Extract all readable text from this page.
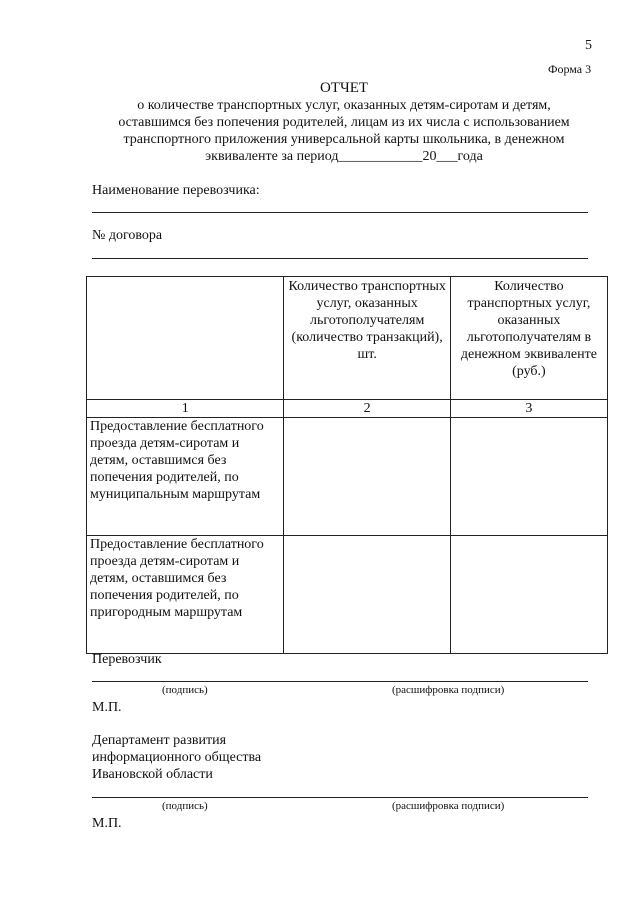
5
Форма 3
ОТЧЕТ
о количестве транспортных услуг, оказанных детям-сиротам и детям,
оставшимся без попечения родителей, лицам из их числа с использованием
транспортного приложения универсальной карты школьника, в денежном
эквиваленте за период____________20___года
Наименование перевозчика:
№ договора
	Количество транспортных услуг, оказанных льготополучателям (количество транзакций), шт.	Количество транспортных услуг, оказанных льготополучателям в денежном эквиваленте (руб.)
1	2	3
Предоставление бесплатного проезда детям-сиротам и детям, оставшимся без попечения родителей, по муниципальным маршрутам		
Предоставление бесплатного проезда детям-сиротам и детям, оставшимся без попечения родителей, по пригородным маршрутам		
Перевозчик
(подпись)	(расшифровка подписи)
М.П.
Департамент развития
информационного общества
Ивановской области
(подпись)	(расшифровка подписи)
М.П.
